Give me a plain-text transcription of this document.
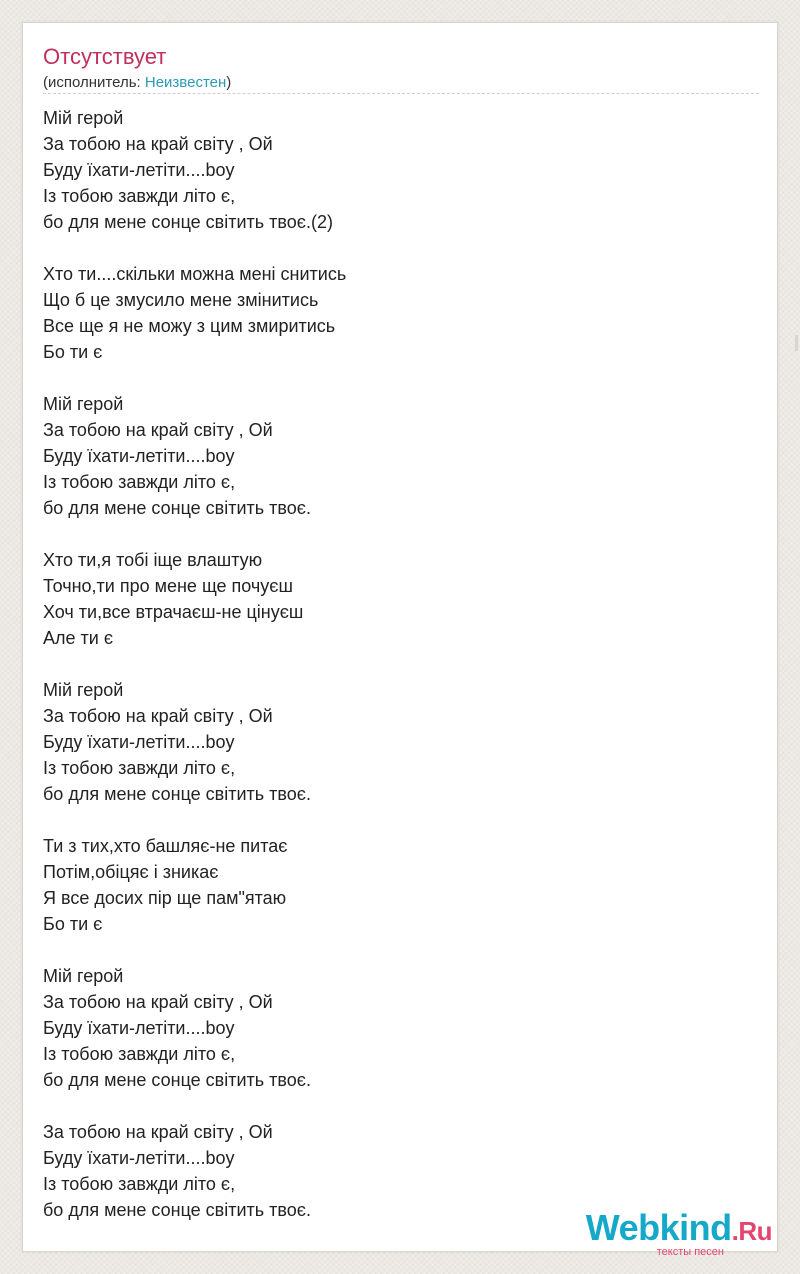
Отсутствует
(исполнитель: Неизвестен)
Мій герой
За тобою на край світу , Ой
Буду їхати-летіти....boy
Із тобою завжди літо є,
бо для мене сонце світить твоє.(2)
Хто ти....скільки можна мені снитись
Що б це змусило мене змінитись
Все ще я не можу з цим змиритись
Бо ти є
Мій герой
За тобою на край світу , Ой
Буду їхати-летіти....boy
Із тобою завжди літо є,
бо для мене сонце світить твоє.
Хто ти,я тобі іще влаштую
Точно,ти про мене ще почуєш
Хоч ти,все втрачаєш-не цінуєш
Але ти є
Мій герой
За тобою на край світу , Ой
Буду їхати-летіти....boy
Із тобою завжди літо є,
бо для мене сонце світить твоє.
Ти з тих,хто башляє-не питає
Потім,обіцяє і зникає
Я все досих пір ще пам"ятаю
Бо ти є
Мій герой
За тобою на край світу , Ой
Буду їхати-летіти....boy
Із тобою завжди літо є,
бо для мене сонце світить твоє.
За тобою на край світу , Ой
Буду їхати-летіти....boy
Із тобою завжди літо є,
бо для мене сонце світить твоє.	Webkind.Ru
тексты песен
